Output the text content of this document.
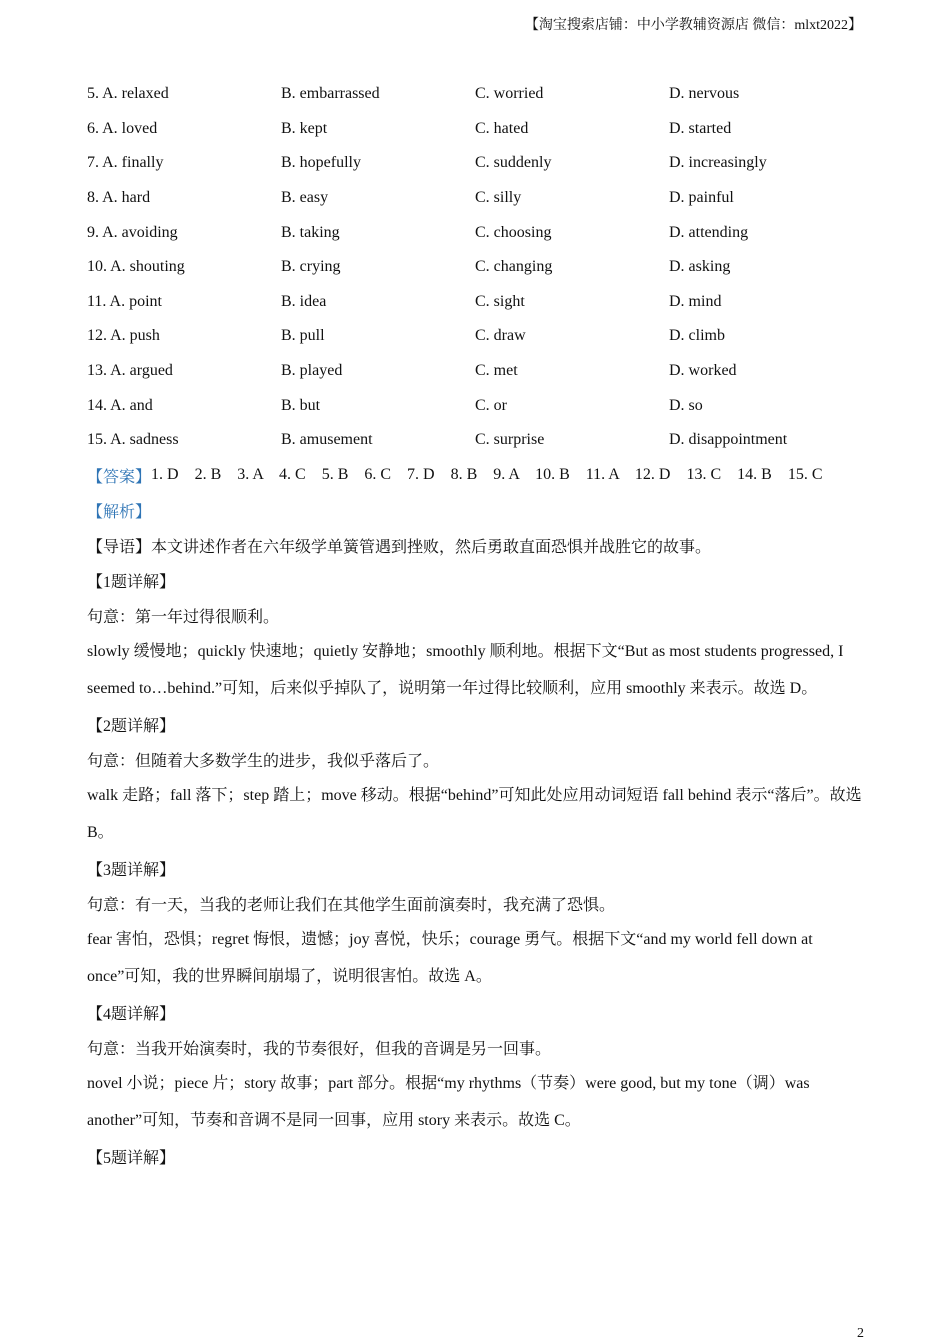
【淘宝搜索店铺：中小学教辅资源店 微信：mlxt2022】
5. A. relaxed	B. embarrassed	C. worried	D. nervous
6. A. loved	B. kept	C. hated	D. started
7. A. finally	B. hopefully	C. suddenly	D. increasingly
8. A. hard	B. easy	C. silly	D. painful
9. A. avoiding	B. taking	C. choosing	D. attending
10. A. shouting	B. crying	C. changing	D. asking
11. A. point	B. idea	C. sight	D. mind
12. A. push	B. pull	C. draw	D. climb
13. A. argued	B. played	C. met	D. worked
14. A. and	B. but	C. or	D. so
15. A. sadness	B. amusement	C. surprise	D. disappointment
【答案】 1. D    2. B    3. A    4. C    5. B    6. C    7. D    8. B    9. A    10. B    11. A    12. D    13. C    14. B    15. C
【解析】
【导语】本文讲述作者在六年级学单簧管遇到挫败，然后勇敢直面恐惧并战胜它的故事。
【1题详解】
句意：第一年过得很顺利。

slowly 缓慢地；quickly 快速地；quietly 安静地；smoothly 顺利地。根据下文“But as most students progressed, I seemed to…behind.”可知，后来似乎掉队了，说明第一年过得比较顺利，应用 smoothly 来表示。故选 D。

【2题详解】
句意：但随着大多数学生的进步，我似乎落后了。

walk 走路；fall 落下；step 踏上；move 移动。根据“behind”可知此处应用动词短语 fall behind 表示“落后”。故选 B。

【3题详解】
句意：有一天，当我的老师让我们在其他学生面前演奏时，我充满了恐惧。

fear 害怕，恐惧；regret 悔恨，遗憾；joy 喜悦，快乐；courage 勇气。根据下文“and my world fell down at once”可知，我的世界瞬间崩塌了，说明很害怕。故选 A。

【4题详解】
句意：当我开始演奏时，我的节奏很好，但我的音调是另一回事。

novel 小说；piece 片；story 故事；part 部分。根据“my rhythms（节奏）were good, but my tone（调）was another”可知，节奏和音调不是同一回事，应用 story 来表示。故选 C。

【5题详解】
2
